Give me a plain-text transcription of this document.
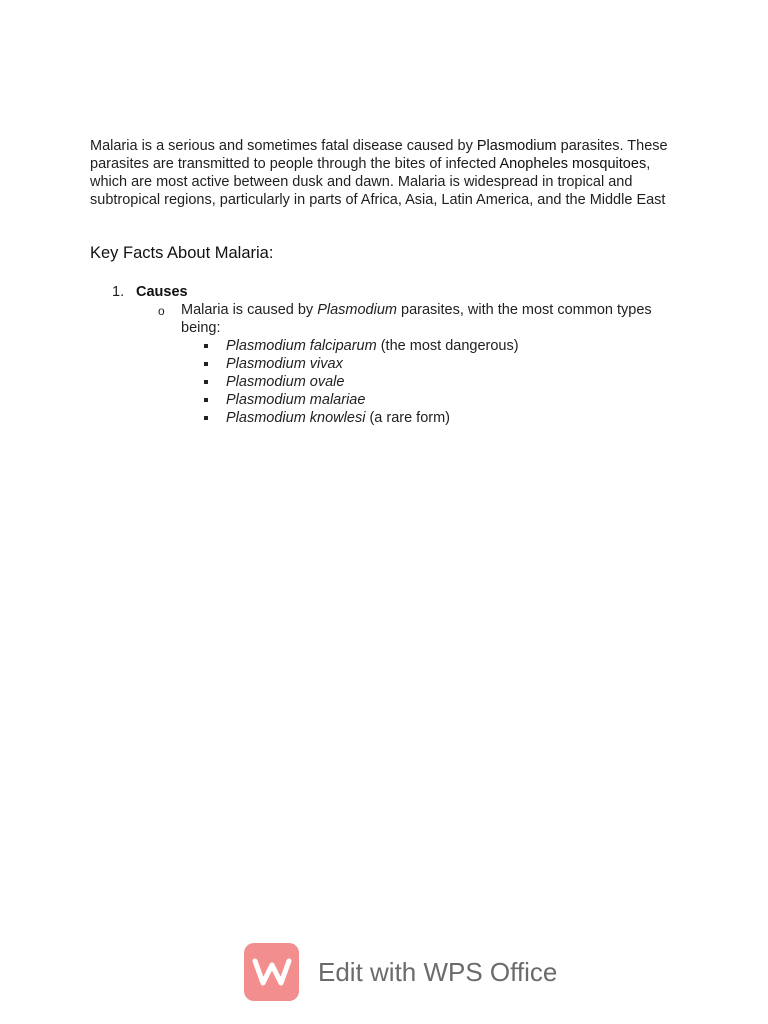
Malaria is a serious and sometimes fatal disease caused by Plasmodium parasites. These parasites are transmitted to people through the bites of infected Anopheles mosquitoes, which are most active between dusk and dawn. Malaria is widespread in tropical and subtropical regions, particularly in parts of Africa, Asia, Latin America, and the Middle East

Key Facts About Malaria:
1. Causes
o Malaria is caused by Plasmodium parasites, with the most common types being:
Plasmodium falciparum (the most dangerous)
Plasmodium vivax
Plasmodium ovale
Plasmodium malariae
Plasmodium knowlesi (a rare form)
Edit with WPS Office
